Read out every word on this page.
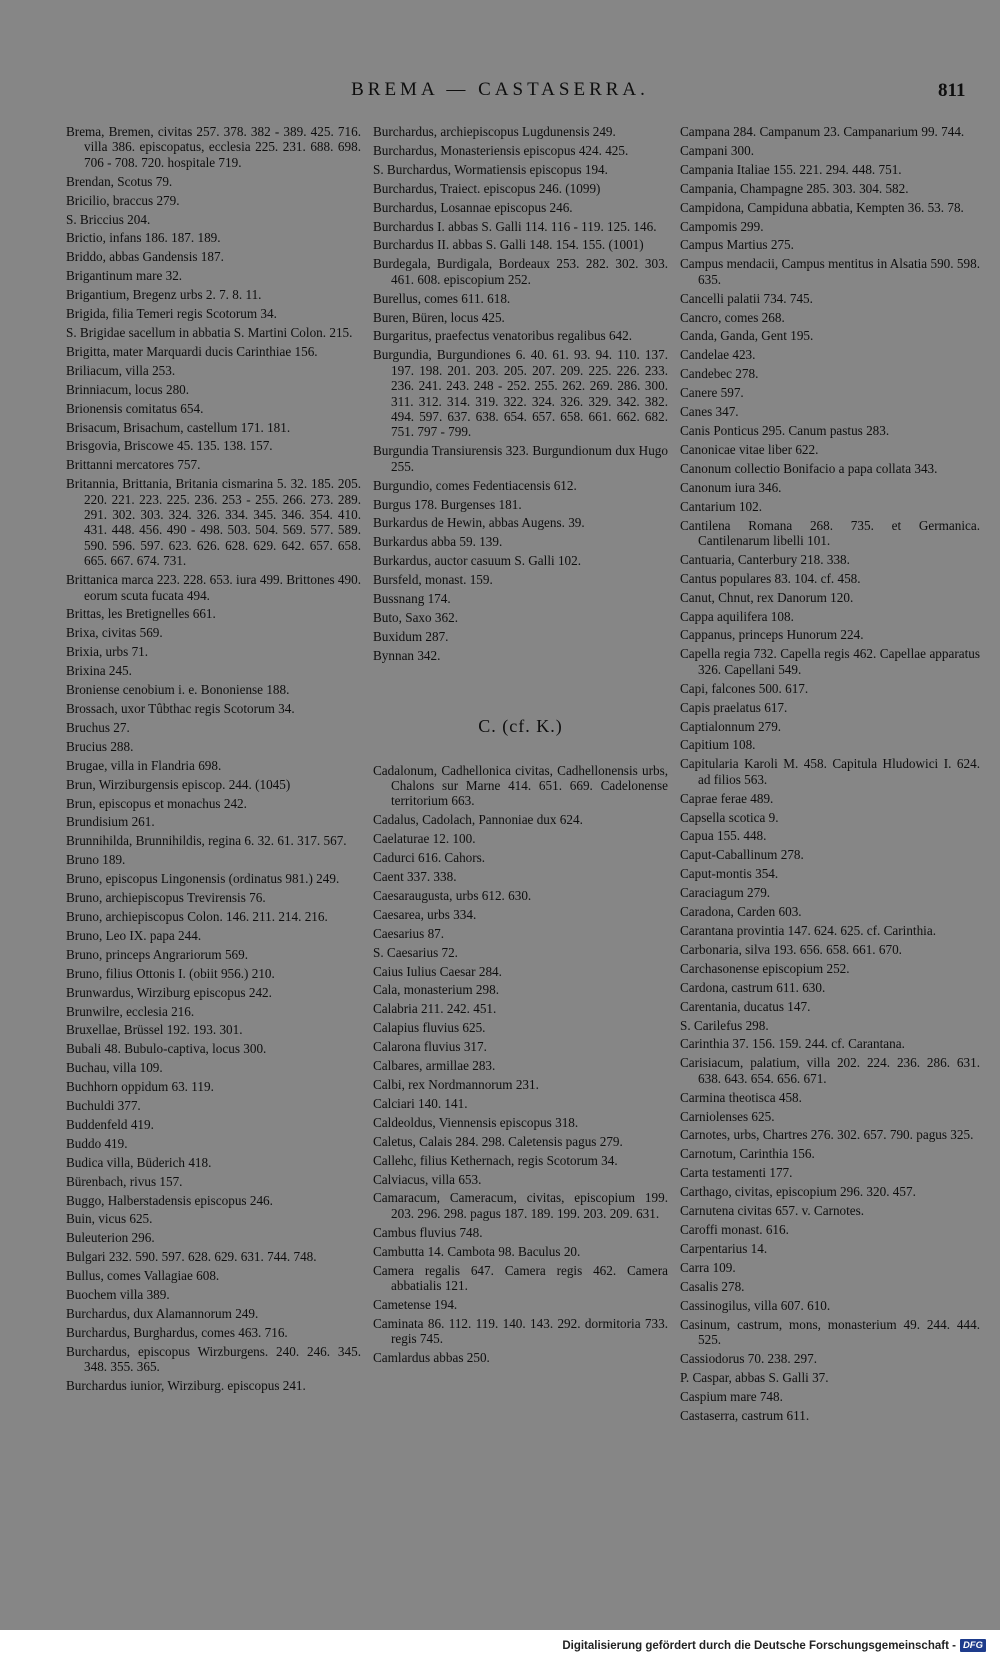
BREMA — CASTASERRA.	811
Brema, Bremen, civitas 257. 378. 382 - 389. 425. 716. villa 386. episcopatus, ecclesia 225. 231. 688. 698. 706 - 708. 720. hospitale 719.
Brendan, Scotus 79.
Bricilio, braccus 279.
S. Briccius 204.
Brictio, infans 186. 187. 189.
Briddo, abbas Gandensis 187.
Brigantinum mare 32.
Brigantium, Bregenz urbs 2. 7. 8. 11.
Brigida, filia Temeri regis Scotorum 34.
S. Brigidae sacellum in abbatia S. Martini Colon. 215.
Brigitta, mater Marquardi ducis Carinthiae 156.
Briliacum, villa 253.
Brinniacum, locus 280.
Brionensis comitatus 654.
Brisacum, Brisachum, castellum 171. 181.
Brisgovia, Briscowe 45. 135. 138. 157.
Brittanni mercatores 757.
Britannia, Brittania, Britania cismarina 5. 32. 185. 205. 220. 221. 223. 225. 236. 253 - 255. 266. 273. 289. 291. 302. 303. 324. 326. 334. 345. 346. 354. 410. 431. 448. 456. 490 - 498. 503. 504. 569. 577. 589. 590. 596. 597. 623. 626. 628. 629. 642. 657. 658. 665. 667. 674. 731.
Brittanica marca 223. 228. 653. iura 499. Brittones 490. eorum scuta fucata 494.
Brittas, les Bretignelles 661.
Brixa, civitas 569.
Brixia, urbs 71.
Brixina 245.
Broniense cenobium i. e. Bononiense 188.
Brossach, uxor Tûbthac regis Scotorum 34.
Bruchus 27.
Brucius 288.
Brugae, villa in Flandria 698.
Brun, Wirziburgensis episcop. 244. (1045)
Brun, episcopus et monachus 242.
Brundisium 261.
Brunnihilda, Brunnihildis, regina 6. 32. 61. 317. 567.
Bruno 189.
Bruno, episcopus Lingonensis (ordinatus 981.) 249.
Bruno, archiepiscopus Trevirensis 76.
Bruno, archiepiscopus Colon. 146. 211. 214. 216.
Bruno, Leo IX. papa 244.
Bruno, princeps Angrariorum 569.
Bruno, filius Ottonis I. (obiit 956.) 210.
Brunwardus, Wirziburg episcopus 242.
Brunwilre, ecclesia 216.
Bruxellae, Brüssel 192. 193. 301.
Bubali 48. Bubulo-captiva, locus 300.
Buchau, villa 109.
Buchhorn oppidum 63. 119.
Buchuldi 377.
Buddenfeld 419.
Buddo 419.
Budica villa, Büderich 418.
Bürenbach, rivus 157.
Buggo, Halberstadensis episcopus 246.
Buin, vicus 625.
Buleuterion 296.
Bulgari 232. 590. 597. 628. 629. 631. 744. 748.
Bullus, comes Vallagiae 608.
Buochem villa 389.
Burchardus, dux Alamannorum 249.
Burchardus, Burghardus, comes 463. 716.
Burchardus, episcopus Wirzburgens. 240. 246. 345. 348. 355. 365.
Burchardus iunior, Wirziburg. episcopus 241.
Burchardus, archiepiscopus Lugdunensis 249.
Burchardus, Monasteriensis episcopus 424. 425.
S. Burchardus, Wormatiensis episcopus 194.
Burchardus, Traiect. episcopus 246. (1099)
Burchardus, Losannae episcopus 246.
Burchardus I. abbas S. Galli 114. 116 - 119. 125. 146.
Burchardus II. abbas S. Galli 148. 154. 155. (1001)
Burdegala, Burdigala, Bordeaux 253. 282. 302. 303. 461. 608. episcopium 252.
Burellus, comes 611. 618.
Buren, Büren, locus 425.
Burgaritus, praefectus venatoribus regalibus 642.
Burgundia, Burgundiones 6. 40. 61. 93. 94. 110. 137. 197. 198. 201. 203. 205. 207. 209. 225. 226. 233. 236. 241. 243. 248 - 252. 255. 262. 269. 286. 300. 311. 312. 314. 319. 322. 324. 326. 329. 342. 382. 494. 597. 637. 638. 654. 657. 658. 661. 662. 682. 751. 797 - 799.
Burgundia Transiurensis 323. Burgundionum dux Hugo 255.
Burgundio, comes Fedentiacensis 612.
Burgus 178. Burgenses 181.
Burkardus de Hewin, abbas Augens. 39.
Burkardus abba 59. 139.
Burkardus, auctor casuum S. Galli 102.
Bursfeld, monast. 159.
Bussnang 174.
Buto, Saxo 362.
Buxidum 287.
Bynnan 342.
C. (cf. K.)
Cadalonum, Cadhellonica civitas, Cadhellonensis urbs, Chalons sur Marne 414. 651. 669. Cadelonense territorium 663.
Cadalus, Cadolach, Pannoniae dux 624.
Caelaturae 12. 100.
Cadurci 616. Cahors.
Caent 337. 338.
Caesaraugusta, urbs 612. 630.
Caesarea, urbs 334.
Caesarius 87.
S. Caesarius 72.
Caius Iulius Caesar 284.
Cala, monasterium 298.
Calabria 211. 242. 451.
Calapius fluvius 625.
Calarona fluvius 317.
Calbares, armillae 283.
Calbi, rex Nordmannorum 231.
Calciari 140. 141.
Caldeoldus, Viennensis episcopus 318.
Caletus, Calais 284. 298. Caletensis pagus 279.
Callehc, filius Kethernach, regis Scotorum 34.
Calviacus, villa 653.
Camaracum, Cameracum, civitas, episcopium 199. 203. 296. 298. pagus 187. 189. 199. 203. 209. 631.
Cambus fluvius 748.
Cambutta 14. Cambota 98. Baculus 20.
Camera regalis 647. Camera regis 462. Camera abbatialis 121.
Cametense 194.
Caminata 86. 112. 119. 140. 143. 292. dormitoria 733. regis 745.
Camlardus abbas 250.
Campana 284. Campanum 23. Campanarium 99. 744.
Campani 300.
Campania Italiae 155. 221. 294. 448. 751.
Campania, Champagne 285. 303. 304. 582.
Campidona, Campiduna abbatia, Kempten 36. 53. 78.
Campomis 299.
Campus Martius 275.
Campus mendacii, Campus mentitus in Alsatia 590. 598. 635.
Cancelli palatii 734. 745.
Cancro, comes 268.
Canda, Ganda, Gent 195.
Candelae 423.
Candebec 278.
Canere 597.
Canes 347.
Canis Ponticus 295. Canum pastus 283.
Canonicae vitae liber 622.
Canonum collectio Bonifacio a papa collata 343.
Canonum iura 346.
Cantarium 102.
Cantilena Romana 268. 735. et Germanica. Cantilenarum libelli 101.
Cantuaria, Canterbury 218. 338.
Cantus populares 83. 104. cf. 458.
Canut, Chnut, rex Danorum 120.
Cappa aquilifera 108.
Cappanus, princeps Hunorum 224.
Capella regia 732. Capella regis 462. Capellae apparatus 326. Capellani 549.
Capi, falcones 500. 617.
Capis praelatus 617.
Captialonnum 279.
Capitium 108.
Capitularia Karoli M. 458. Capitula Hludowici I. 624. ad filios 563.
Caprae ferae 489.
Capsella scotica 9.
Capua 155. 448.
Caput-Caballinum 278.
Caput-montis 354.
Caraciagum 279.
Caradona, Carden 603.
Carantana provintia 147. 624. 625. cf. Carinthia.
Carbonaria, silva 193. 656. 658. 661. 670.
Carchasonense episcopium 252.
Cardona, castrum 611. 630.
Carentania, ducatus 147.
S. Carilefus 298.
Carinthia 37. 156. 159. 244. cf. Carantana.
Carisiacum, palatium, villa 202. 224. 236. 286. 631. 638. 643. 654. 656. 671.
Carmina theotisca 458.
Carniolenses 625.
Carnotes, urbs, Chartres 276. 302. 657. 790. pagus 325.
Carnotum, Carinthia 156.
Carta testamenti 177.
Carthago, civitas, episcopium 296. 320. 457.
Carnutena civitas 657. v. Carnotes.
Caroffi monast. 616.
Carpentarius 14.
Carra 109.
Casalis 278.
Cassinogilus, villa 607. 610.
Casinum, castrum, mons, monasterium 49. 244. 444. 525.
Cassiodorus 70. 238. 297.
P. Caspar, abbas S. Galli 37.
Caspium mare 748.
Castaserra, castrum 611.
Digitalisierung gefördert durch die Deutsche Forschungsgemeinschaft - DFG
